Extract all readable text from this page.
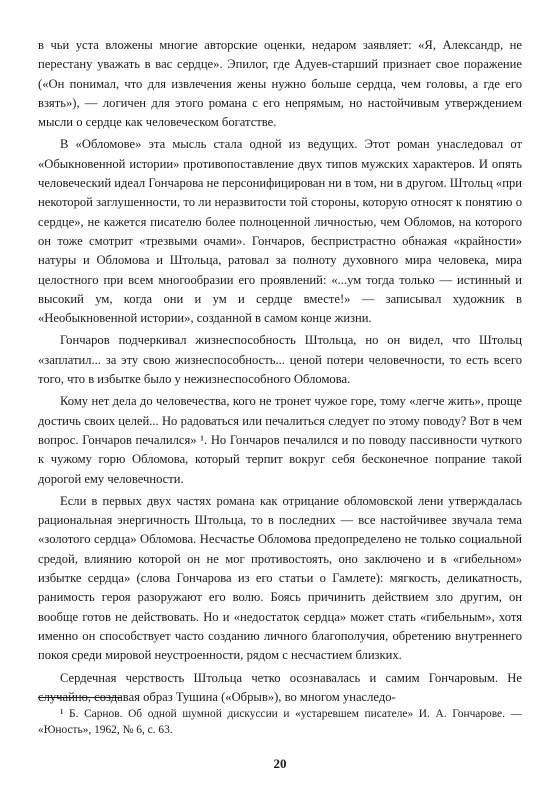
в чьи уста вложены многие авторские оценки, недаром заявляет: «Я, Александр, не перестану уважать в вас сердце». Эпилог, где Адуев-старший признает свое поражение («Он понимал, что для извлечения жены нужно больше сердца, чем головы, а где его взять»), — логичен для этого романа с его непрямым, но настойчивым утверждением мысли о сердце как человеческом богатстве.

В «Обломове» эта мысль стала одной из ведущих. Этот роман унаследовал от «Обыкновенной истории» противопоставление двух типов мужских характеров. И опять человеческий идеал Гончарова не персонифицирован ни в том, ни в другом. Штольц «при некоторой заглушенности, то ли неразвитости той стороны, которую относят к понятию о сердце», не кажется писателю более полноценной личностью, чем Обломов, на которого он тоже смотрит «трезвыми очами». Гончаров, беспристрастно обнажая «крайности» натуры и Обломова и Штольца, ратовал за полноту духовного мира человека, мира целостного при всем многообразии его проявлений: «...ум тогда только — истинный и высокий ум, когда они и ум и сердце вместе!» — записывал художник в «Необыкновенной истории», созданной в самом конце жизни.

Гончаров подчеркивал жизнеспособность Штольца, но он видел, что Штольц «заплатил... за эту свою жизнеспособность... ценой потери человечности, то есть всего того, что в избытке было у нежизнеспособного Обломова.

Кому нет дела до человечества, кого не тронет чужое горе, тому «легче жить», проще достичь своих целей... Но радоваться или печалиться следует по этому поводу? Вот в чем вопрос. Гончаров печалился» ¹. Но Гончаров печалился и по поводу пассивности чуткого к чужому горю Обломова, который терпит вокруг себя бесконечное попрание такой дорогой ему человечности.

Если в первых двух частях романа как отрицание обломовской лени утверждалась рациональная энергичность Штольца, то в последних — все настойчивее звучала тема «золотого сердца» Обломова. Несчастье Обломова предопределено не только социальной средой, влиянию которой он не мог противостоять, оно заключено и в «гибельном» избытке сердца» (слова Гончарова из его статьи о Гамлете): мягкость, деликатность, ранимость героя разоружают его волю. Боясь причинить действием зло другим, он вообще готов не действовать. Но и «недостаток сердца» может стать «гибельным», хотя именно он способствует часто созданию личного благополучия, обретению внутреннего покоя среди мировой неустроенности, рядом с несчастием близких.

Сердечная черствость Штольца четко осознавалась и самим Гончаровым. Не случайно, создавая образ Тушина («Обрыв»), во многом унаследо-

¹ Б. Сарнов. Об одной шумной дискуссии и «устаревшем писателе» И. А. Гончарове. — «Юность», 1962, № 6, с. 63.

20
